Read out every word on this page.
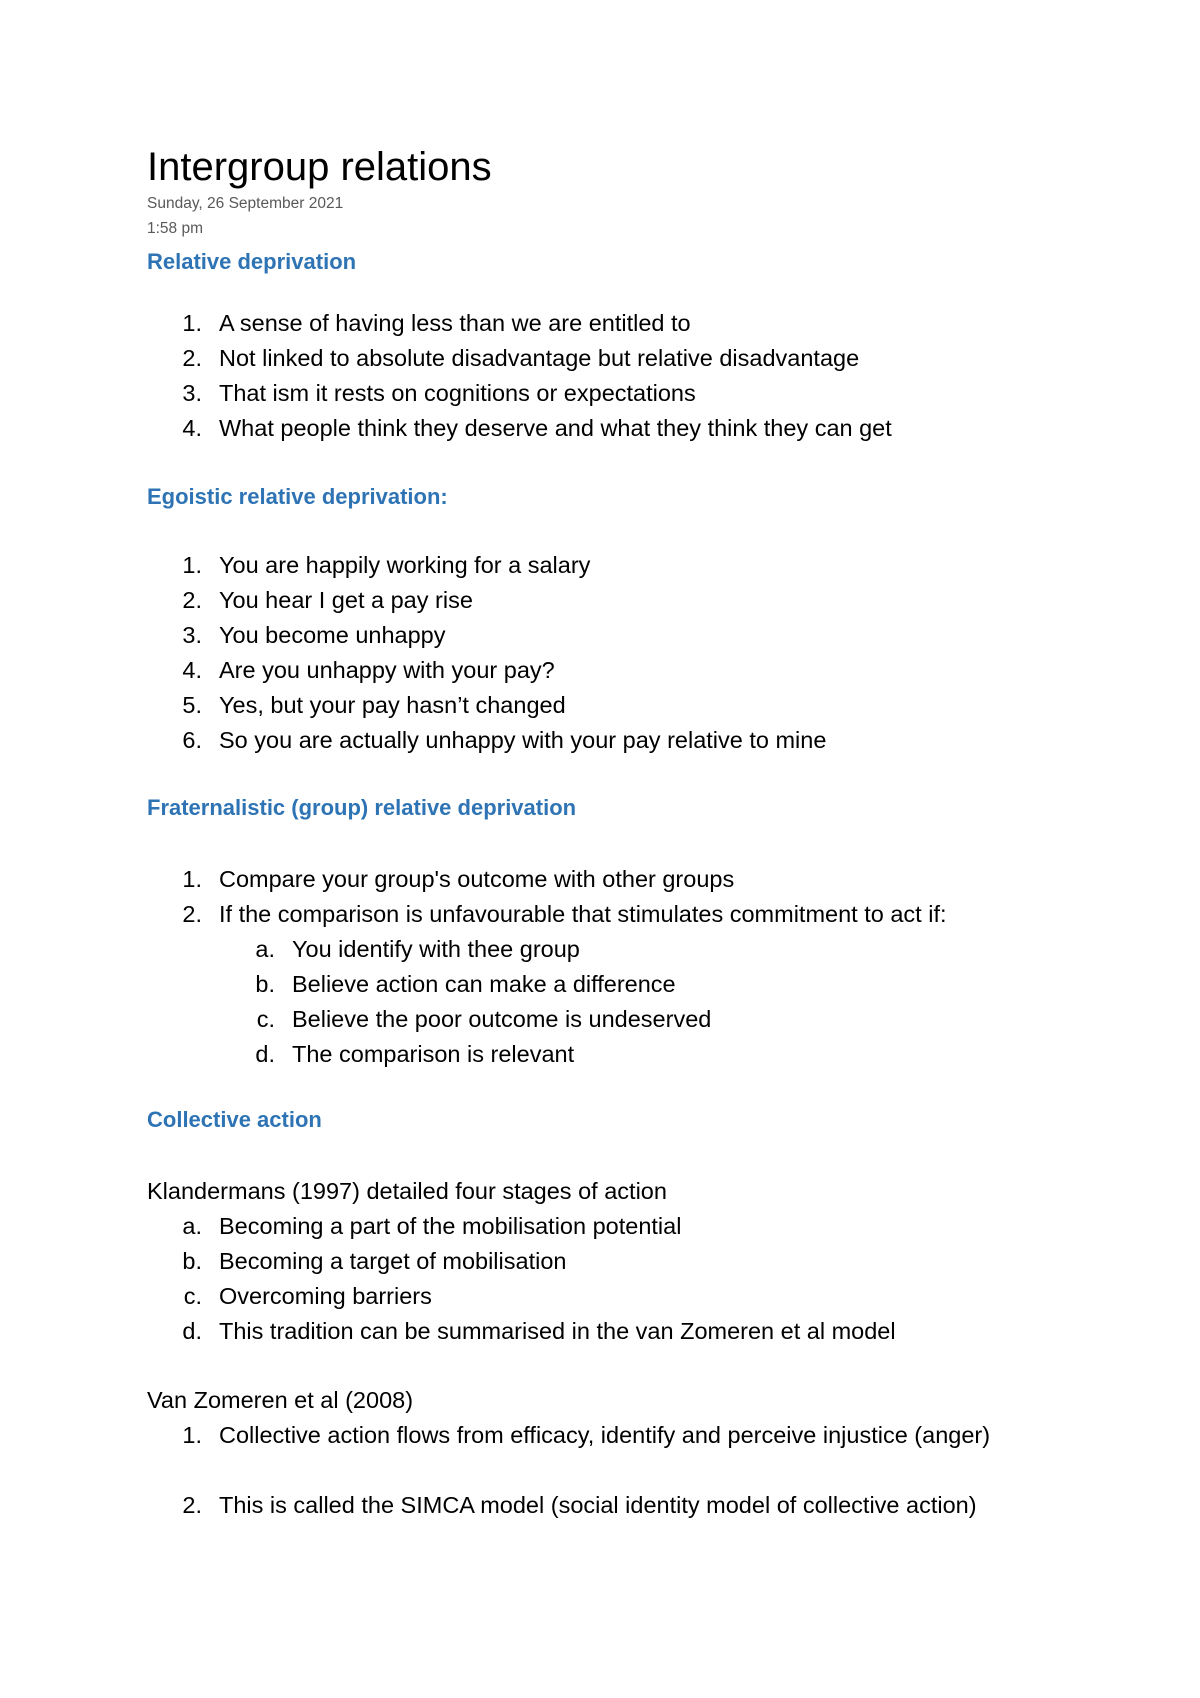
Intergroup relations
Sunday, 26 September 2021
1:58 pm
Relative deprivation
1. A sense of having less than we are entitled to
2. Not linked to absolute disadvantage but relative disadvantage
3. That ism it rests on cognitions or expectations
4. What people think they deserve and what they think they can get
Egoistic relative deprivation:
1. You are happily working for a salary
2. You hear I get a pay rise
3. You become unhappy
4. Are you unhappy with your pay?
5. Yes, but your pay hasn’t changed
6. So you are actually unhappy with your pay relative to mine
Fraternalistic (group) relative deprivation
1. Compare your group's outcome with other groups
2. If the comparison is unfavourable that stimulates commitment to act if:
a. You identify with thee group
b. Believe action can make a difference
c. Believe the poor outcome is undeserved
d. The comparison is relevant
Collective action
Klandermans (1997) detailed four stages of action
a. Becoming a part of the mobilisation potential
b. Becoming a target of mobilisation
c. Overcoming barriers
d. This tradition can be summarised in the van Zomeren et al model
Van Zomeren et al (2008)
1. Collective action flows from efficacy, identify and perceive injustice (anger)
2. This is called the SIMCA model (social identity model of collective action)
